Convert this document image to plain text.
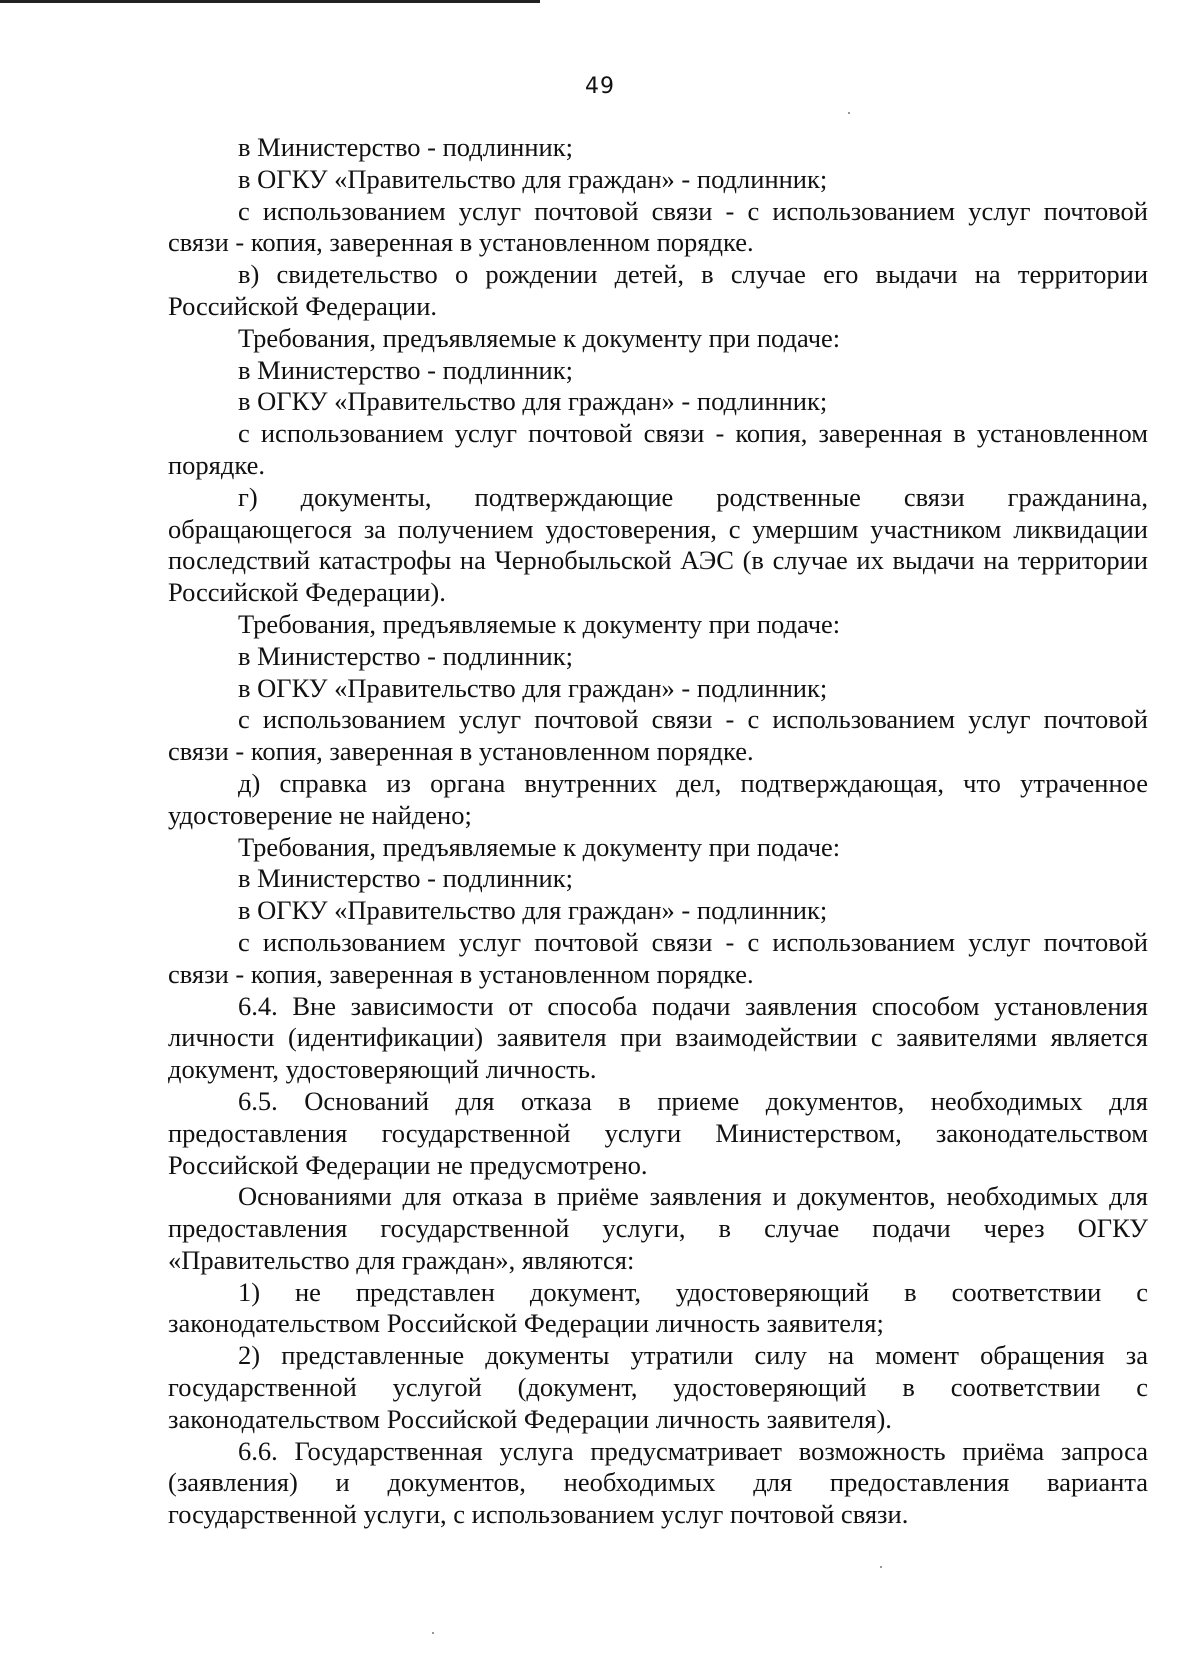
49

в Министерство - подлинник;

в ОГКУ «Правительство для граждан» - подлинник;

с использованием услуг почтовой связи - с использованием услуг почтовой связи - копия, заверенная в установленном порядке.

в) свидетельство о рождении детей, в случае его выдачи на территории Российской Федерации.

Требования, предъявляемые к документу при подаче:

в Министерство - подлинник;

в ОГКУ «Правительство для граждан» - подлинник;

с использованием услуг почтовой связи - копия, заверенная в установленном порядке.

г) документы, подтверждающие родственные связи гражданина, обращающегося за получением удостоверения, с умершим участником ликвидации последствий катастрофы на Чернобыльской АЭС (в случае их выдачи на территории Российской Федерации).

Требования, предъявляемые к документу при подаче:

в Министерство - подлинник;

в ОГКУ «Правительство для граждан» - подлинник;

с использованием услуг почтовой связи - с использованием услуг почтовой связи - копия, заверенная в установленном порядке.

д) справка из органа внутренних дел, подтверждающая, что утраченное удостоверение не найдено;

Требования, предъявляемые к документу при подаче:

в Министерство - подлинник;

в ОГКУ «Правительство для граждан» - подлинник;

с использованием услуг почтовой связи - с использованием услуг почтовой связи - копия, заверенная в установленном порядке.

6.4. Вне зависимости от способа подачи заявления способом установления личности (идентификации) заявителя при взаимодействии с заявителями является документ, удостоверяющий личность.

6.5. Оснований для отказа в приеме документов, необходимых для предоставления государственной услуги Министерством, законодательством Российской Федерации не предусмотрено.

Основаниями для отказа в приёме заявления и документов, необходимых для предоставления государственной услуги, в случае подачи через ОГКУ «Правительство для граждан», являются:

1) не представлен документ, удостоверяющий в соответствии с законодательством Российской Федерации личность заявителя;

2) представленные документы утратили силу на момент обращения за государственной услугой (документ, удостоверяющий в соответствии с законодательством Российской Федерации личность заявителя).

6.6. Государственная услуга предусматривает возможность приёма запроса (заявления) и документов, необходимых для предоставления варианта государственной услуги, с использованием услуг почтовой связи.
